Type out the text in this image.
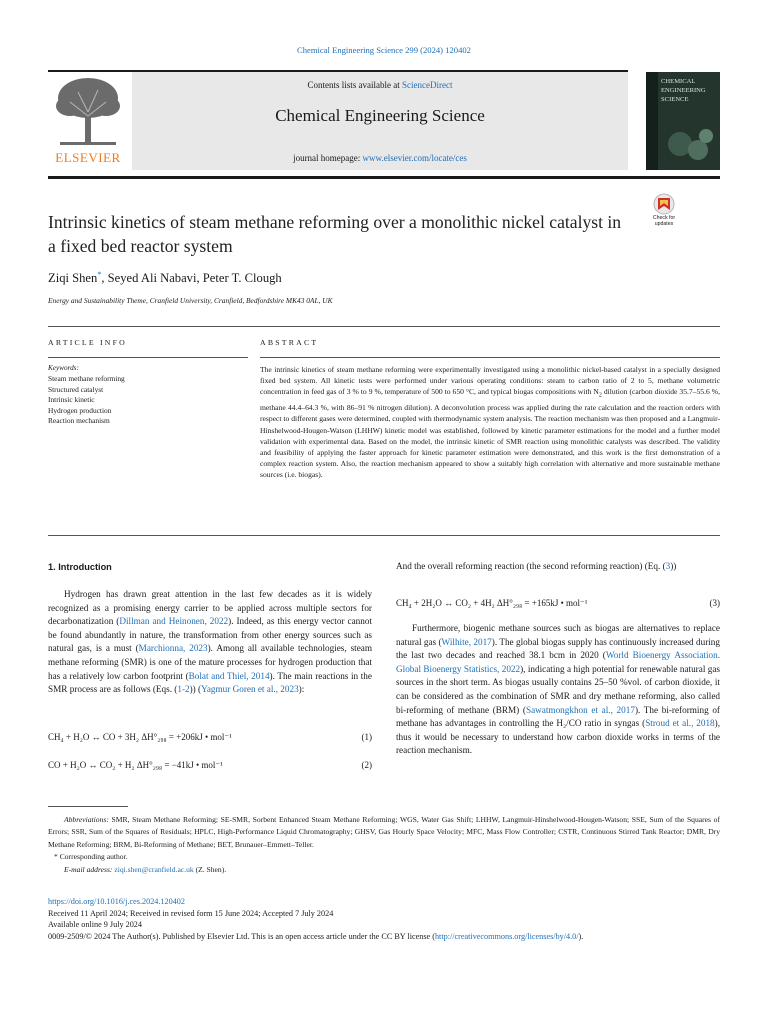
Chemical Engineering Science 299 (2024) 120402
Contents lists available at ScienceDirect
Chemical Engineering Science
journal homepage: www.elsevier.com/locate/ces
ELSEVIER
CHEMICAL ENGINEERING SCIENCE
Intrinsic kinetics of steam methane reforming over a monolithic nickel catalyst in a fixed bed reactor system
Check for updates
Ziqi Shen*, Seyed Ali Nabavi, Peter T. Clough
Energy and Sustainability Theme, Cranfield University, Cranfield, Bedfordshire MK43 0AL, UK
ARTICLE INFO
Keywords:
Steam methane reforming
Structured catalyst
Intrinsic kinetic
Hydrogen production
Reaction mechanism
ABSTRACT
The intrinsic kinetics of steam methane reforming were experimentally investigated using a monolithic nickel-based catalyst in a specially designed fixed bed system. All kinetic tests were performed under various operating conditions: steam to carbon ratio of 2 to 5, methane volumetric concentration in feed gas of 3 % to 9 %, temperature of 500 to 650 °C, and typical biogas compositions with $N_2$ dilution (carbon dioxide 35.7–55.6 %, methane 44.4–64.3 %, with 86–91 % nitrogen dilution). A deconvolution process was applied during the rate calculation and the reaction orders with respect to different gases were determined, coupled with thermodynamic system analysis. The reaction mechanism was then proposed and a Langmuir-Hinshelwood-Hougen-Watson (LHHW) kinetic model was established, followed by kinetic parameter estimations for the model and a further model validation with experimental data. Based on the model, the intrinsic kinetic of SMR reaction using monolithic catalysts was described. The validity and feasibility of applying the faster approach for kinetic parameter estimation were demonstrated, and this work is the first demonstration of a complex reaction system. Also, the reaction mechanism appeared to show a suitably high correlation with alternative and more sustainable methane sources (i.e. biogas).
1. Introduction

Hydrogen has drawn great attention in the last few decades as it is widely recognized as a promising energy carrier to be applied across multiple sectors for decarbonatization (Dillman and Heinonen, 2022). Indeed, as this energy vector cannot be found abundantly in nature, the transformation from other energy sources such as natural gas, is a must (Marchionna, 2023). Among all available technologies, steam methane reforming (SMR) is one of the mature processes for hydrogen production that has a relatively low carbon footprint (Bolat and Thiel, 2014). The main reactions in the SMR process are as follows (Eqs. (1-2)) (Yagmur Goren et al., 2023):

CH₄ + H₂O ↔ CO + 3H₂ ΔH°₂₉₈ = +206kJ • mol⁻¹	(1)
CO + H₂O ↔ CO₂ + H₂ ΔH°₂₉₈ = −41kJ • mol⁻¹	(2)
And the overall reforming reaction (the second reforming reaction) (Eq. (3))
CH₄ + 2H₂O ↔ CO₂ + 4H₂ ΔH°₂₉₈ = +165kJ • mol⁻¹	(3)

Furthermore, biogenic methane sources such as biogas are alternatives to replace natural gas (Wilhite, 2017). The global biogas supply has continuously increased during the last two decades and reached 38.1 bcm in 2020 (World Bioenergy Association. Global Bioenergy Statistics, 2022), indicating a high potential for renewable natural gas sources in the short term. As biogas usually contains 25–50 %vol. of carbon dioxide, it can be considered as the combination of SMR and dry methane reforming, also called bi-reforming of methane (BRM) (Sawatmongkhon et al., 2017). The bi-reforming of methane has advantages in controlling the H₂/CO ratio in syngas (Stroud et al., 2018), thus it would be necessary to understand how carbon dioxide works in terms of the reaction mechanism.

Abbreviations: SMR, Steam Methane Reforming; SE-SMR, Sorbent Enhanced Steam Methane Reforming; WGS, Water Gas Shift; LHHW, Langmuir-Hinshelwood-Hougen-Watson; SSE, Sum of the Squares of Errors; SSR, Sum of the Squares of Residuals; HPLC, High-Performance Liquid Chromatography; GHSV, Gas Hourly Space Velocity; MFC, Mass Flow Controller; CSTR, Continuous Stirred Tank Reactor; DMR, Dry Methane Reforming; BRM, Bi-Reforming of Methane; BET, Brunauer–Emmett–Teller.
* Corresponding author.
E-mail address: ziqi.shen@cranfield.ac.uk (Z. Shen).
https://doi.org/10.1016/j.ces.2024.120402
Received 11 April 2024; Received in revised form 15 June 2024; Accepted 7 July 2024
Available online 9 July 2024
0009-2509/© 2024 The Author(s). Published by Elsevier Ltd. This is an open access article under the CC BY license (http://creativecommons.org/licenses/by/4.0/).
